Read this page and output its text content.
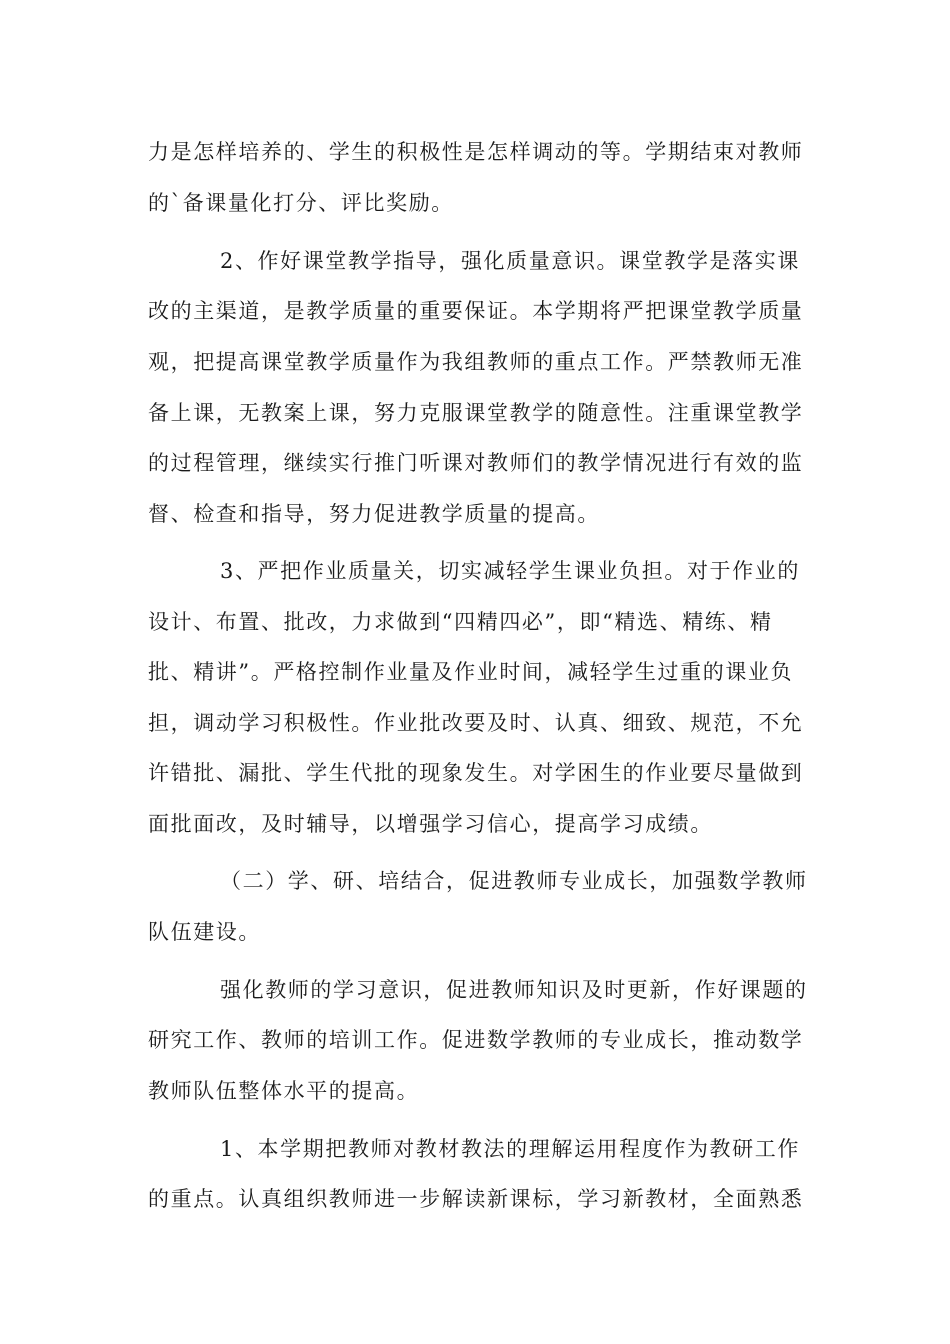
力是怎样培养的、学生的积极性是怎样调动的等。学期结束对教师
的`备课量化打分、评比奖励。
2、作好课堂教学指导，强化质量意识。课堂教学是落实课
改的主渠道，是教学质量的重要保证。本学期将严把课堂教学质量
观，把提高课堂教学质量作为我组教师的重点工作。严禁教师无准
备上课，无教案上课，努力克服课堂教学的随意性。注重课堂教学
的过程管理，继续实行推门听课对教师们的教学情况进行有效的监
督、检查和指导，努力促进教学质量的提高。
3、严把作业质量关，切实减轻学生课业负担。对于作业的
设计、布置、批改，力求做到“四精四必”，即“精选、精练、精
批、精讲”。严格控制作业量及作业时间，减轻学生过重的课业负
担，调动学习积极性。作业批改要及时、认真、细致、规范，不允
许错批、漏批、学生代批的现象发生。对学困生的作业要尽量做到
面批面改，及时辅导，以增强学习信心，提高学习成绩。
（二）学、研、培结合，促进教师专业成长，加强数学教师
队伍建设。
强化教师的学习意识，促进教师知识及时更新，作好课题的
研究工作、教师的培训工作。促进数学教师的专业成长，推动数学
教师队伍整体水平的提高。
1、本学期把教师对教材教法的理解运用程度作为教研工作
的重点。认真组织教师进一步解读新课标，学习新教材，全面熟悉
